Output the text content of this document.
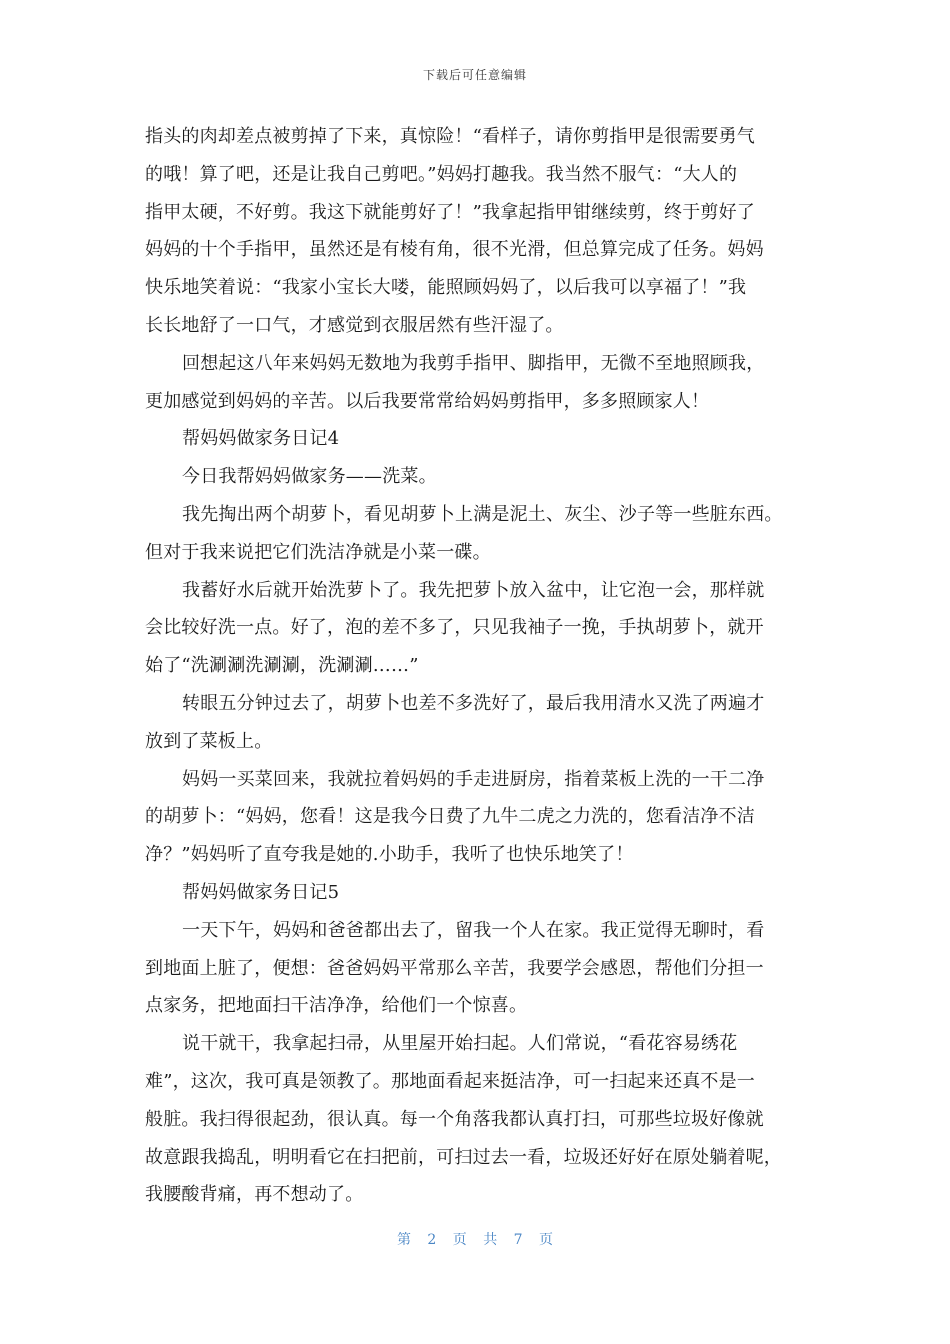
下载后可任意编辑
指头的肉却差点被剪掉了下来，真惊险！“看样子，请你剪指甲是很需要勇气
的哦！算了吧，还是让我自己剪吧。”妈妈打趣我。我当然不服气：“大人的
指甲太硬，不好剪。我这下就能剪好了！”我拿起指甲钳继续剪，终于剪好了
妈妈的十个手指甲，虽然还是有棱有角，很不光滑，但总算完成了任务。妈妈
快乐地笑着说：“我家小宝长大喽，能照顾妈妈了，以后我可以享福了！”我
长长地舒了一口气，才感觉到衣服居然有些汗湿了。
回想起这八年来妈妈无数地为我剪手指甲、脚指甲，无微不至地照顾我，
更加感觉到妈妈的辛苦。以后我要常常给妈妈剪指甲，多多照顾家人！
帮妈妈做家务日记4
今日我帮妈妈做家务——洗菜。
我先掏出两个胡萝卜，看见胡萝卜上满是泥土、灰尘、沙子等一些脏东西。
但对于我来说把它们洗洁净就是小菜一碟。
我蓄好水后就开始洗萝卜了。我先把萝卜放入盆中，让它泡一会，那样就
会比较好洗一点。好了，泡的差不多了，只见我袖子一挽，手执胡萝卜，就开
始了“洗涮涮洗涮涮，洗涮涮……”
转眼五分钟过去了，胡萝卜也差不多洗好了，最后我用清水又洗了两遍才
放到了菜板上。
妈妈一买菜回来，我就拉着妈妈的手走进厨房，指着菜板上洗的一干二净
的胡萝卜：“妈妈，您看！这是我今日费了九牛二虎之力洗的，您看洁净不洁
净？”妈妈听了直夸我是她的.小助手，我听了也快乐地笑了！
帮妈妈做家务日记5
一天下午，妈妈和爸爸都出去了，留我一个人在家。我正觉得无聊时，看
到地面上脏了，便想：爸爸妈妈平常那么辛苦，我要学会感恩，帮他们分担一
点家务，把地面扫干洁净净，给他们一个惊喜。
说干就干，我拿起扫帚，从里屋开始扫起。人们常说，“看花容易绣花
难”，这次，我可真是领教了。那地面看起来挺洁净，可一扫起来还真不是一
般脏。我扫得很起劲，很认真。每一个角落我都认真打扫，可那些垃圾好像就
故意跟我捣乱，明明看它在扫把前，可扫过去一看，垃圾还好好在原处躺着呢，
我腰酸背痛，再不想动了。
第 2 页 共 7 页
